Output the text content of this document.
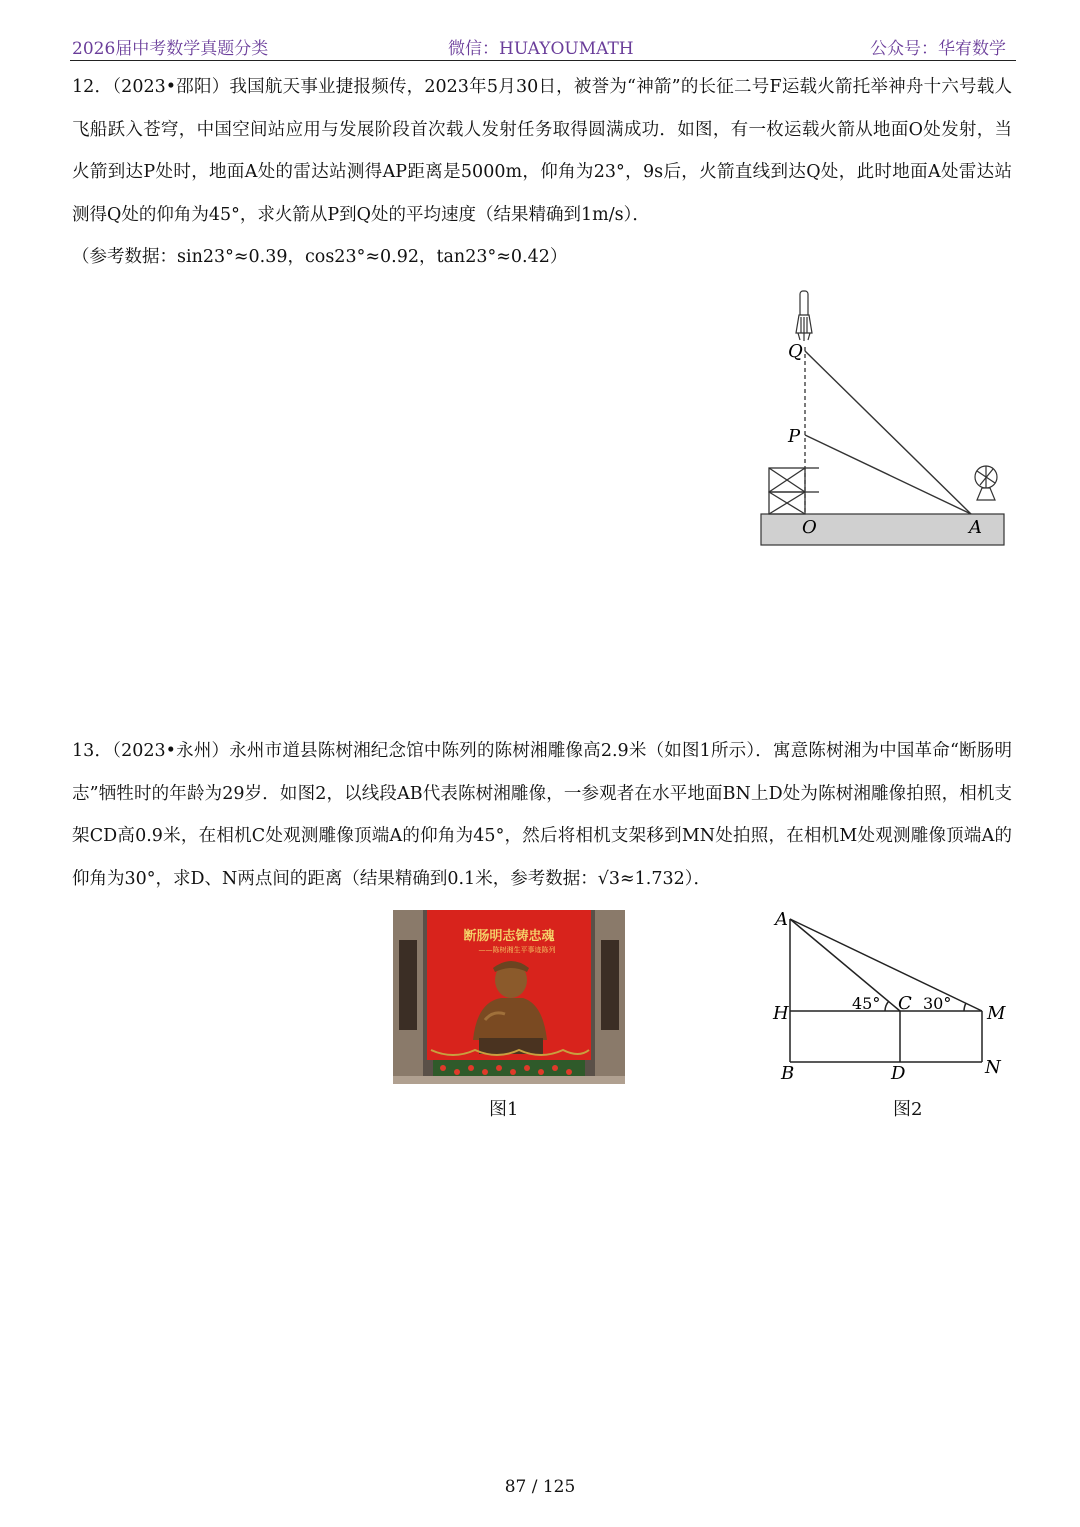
2026届中考数学真题分类	微信：HUAYOUMATH	公众号：华宥数学
12．（2023•邵阳）我国航天事业捷报频传，2023年5月30日，被誉为“神箭”的长征二号F运载火箭托举神舟十六号载人飞船跃入苍穹，中国空间站应用与发展阶段首次载人发射任务取得圆满成功．如图，有一枚运载火箭从地面O处发射，当火箭到达P处时，地面A处的雷达站测得AP距离是5000m，仰角为23°，9s后，火箭直线到达Q处，此时地面A处雷达站测得Q处的仰角为45°，求火箭从P到Q处的平均速度（结果精确到1m/s）．
（参考数据：sin23°≈0.39，cos23°≈0.92，tan23°≈0.42）
Q
P
O	A
13．（2023•永州）永州市道县陈树湘纪念馆中陈列的陈树湘雕像高2.9米（如图1所示）．寓意陈树湘为中国革命“断肠明志”牺牲时的年龄为29岁．如图2，以线段AB代表陈树湘雕像，一参观者在水平地面BN上D处为陈树湘雕像拍照，相机支架CD高0.9米，在相机C处观测雕像顶端A的仰角为45°，然后将相机支架移到MN处拍照，在相机M处观测雕像顶端A的仰角为30°，求D、N两点间的距离（结果精确到0.1米，参考数据：√3≈1.732）．
断肠明志铸忠魂
——陈树湘生平事迹陈列
图1
A
H	C	M
B	D	N
45°	30°
图2
87 / 125
